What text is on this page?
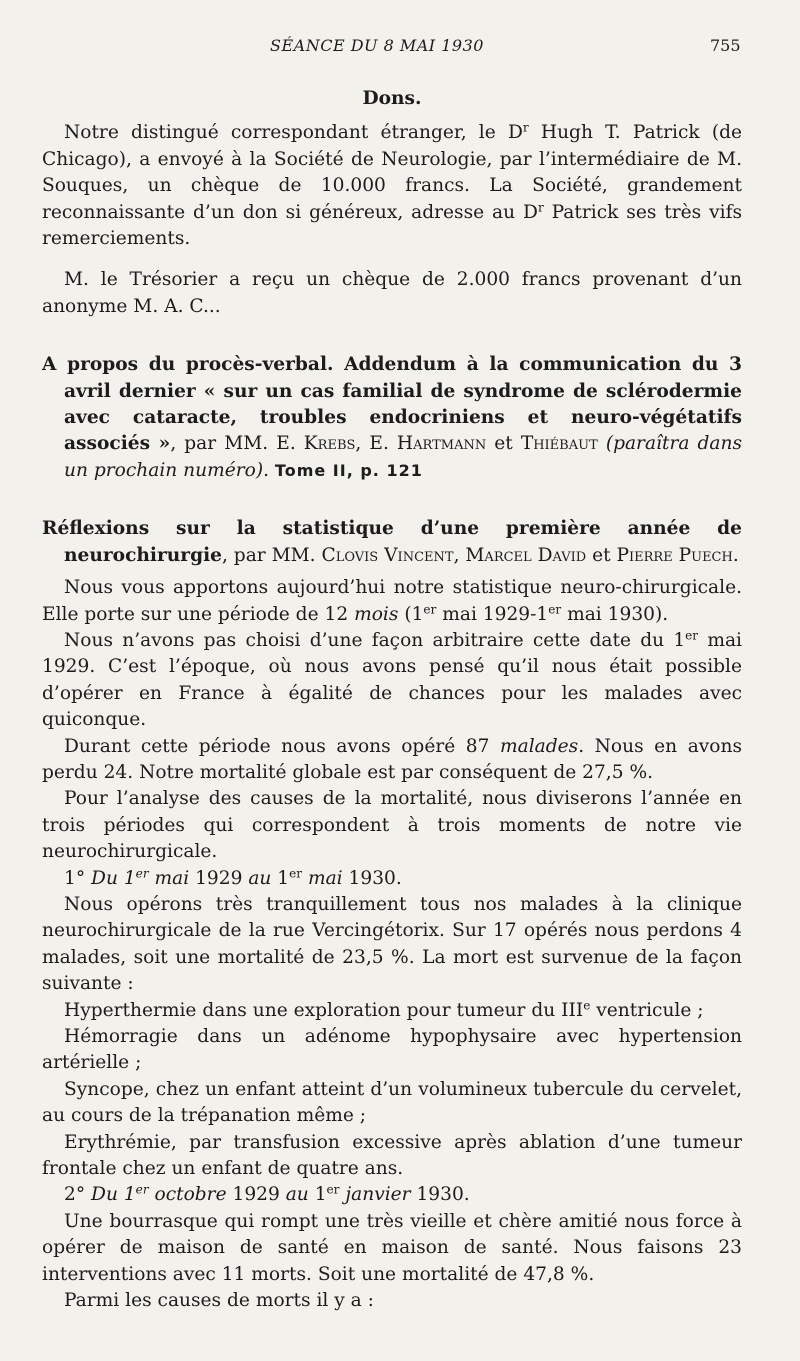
SÉANCE DU 8 MAI 1930	755

Dons.

Notre distingué correspondant étranger, le $D^r$ Hugh T. Patrick (de Chicago), a envoyé à la Société de Neurologie, par l’intermédiaire de M. Souques, un chèque de 10.000 francs. La Société, grandement reconnaissante d’un don si généreux, adresse au $D^r$ Patrick ses très vifs remerciements.

M. le Trésorier a reçu un chèque de 2.000 francs provenant d’un anonyme M. A. C...

A propos du procès-verbal. Addendum à la communication du 3 avril dernier « sur un cas familial de syndrome de sclérodermie avec cataracte, troubles endocriniens et neuro-végétatifs associés », par MM. E. Krebs, E. Hartmann et Thiébaut (paraîtra dans un prochain numéro). Tome II, p. 121

Réflexions sur la statistique d’une première année de neurochirurgie, par MM. Clovis Vincent, Marcel David et Pierre Puech.

Nous vous apportons aujourd’hui notre statistique neuro-chirurgicale. Elle porte sur une période de 12 mois (1er mai 1929-1er mai 1930).

Nous n’avons pas choisi d’une façon arbitraire cette date du 1er mai 1929. C’est l’époque, où nous avons pensé qu’il nous était possible d’opérer en France à égalité de chances pour les malades avec quiconque.

Durant cette période nous avons opéré 87 malades. Nous en avons perdu 24. Notre mortalité globale est par conséquent de 27,5 %.

Pour l’analyse des causes de la mortalité, nous diviserons l’année en trois périodes qui correspondent à trois moments de notre vie neurochirurgicale.

1° Du 1er mai 1929 au 1er mai 1930.

Nous opérons très tranquillement tous nos malades à la clinique neurochirurgicale de la rue Vercingétorix. Sur 17 opérés nous perdons 4 malades, soit une mortalité de 23,5 %. La mort est survenue de la façon suivante :

Hyperthermie dans une exploration pour tumeur du IIIe ventricule ;

Hémorragie dans un adénome hypophysaire avec hypertension artérielle ;

Syncope, chez un enfant atteint d’un volumineux tubercule du cervelet, au cours de la trépanation même ;

Erythrémie, par transfusion excessive après ablation d’une tumeur frontale chez un enfant de quatre ans.

2° Du 1er octobre 1929 au 1er janvier 1930.

Une bourrasque qui rompt une très vieille et chère amitié nous force à opérer de maison de santé en maison de santé. Nous faisons 23 interventions avec 11 morts. Soit une mortalité de 47,8 %.

Parmi les causes de morts il y a :
